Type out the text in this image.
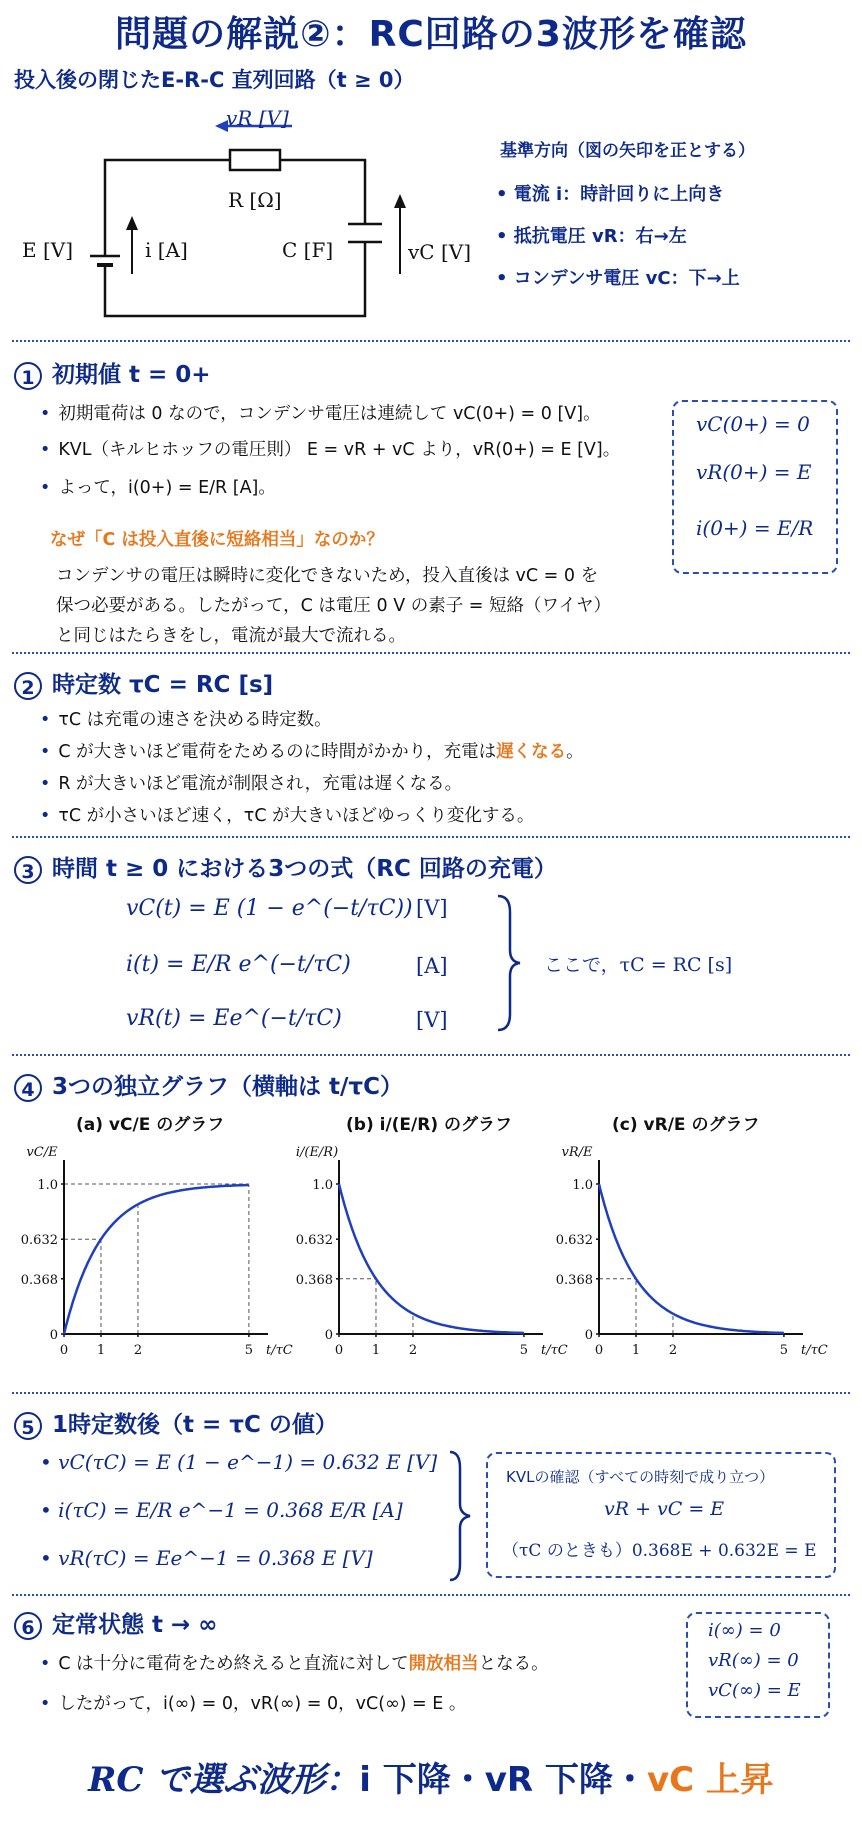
問題の解説②：RC回路の3波形を確認
投入後の閉じたE-R-C 直列回路（t ≥ 0）
vR [V]
R [Ω]
E [V]	i [A]	C [F]	vC [V]
基準方向（図の矢印を正とする）
• 電流 i：時計回りに上向き
• 抵抗電圧 vR：右→左
• コンデンサ電圧 vC：下→上
1 初期値 t = 0+
• 初期電荷は 0 なので，コンデンサ電圧は連続して vC(0+) = 0 [V]。
• KVL（キルヒホッフの電圧則） E = vR + vC より，vR(0+) = E [V]。
• よって，i(0+) = E/R [A]。
なぜ「C は投入直後に短絡相当」なのか？
コンデンサの電圧は瞬時に変化できないため，投入直後は vC = 0 を
保つ必要がある。したがって，C は電圧 0 V の素子 = 短絡（ワイヤ）
と同じはたらきをし，電流が最大で流れる。
vC(0+) = 0
vR(0+) = E
i(0+) = E/R
2 時定数 τC = RC [s]
• τC は充電の速さを決める時定数。
• C が大きいほど電荷をためるのに時間がかかり，充電は遅くなる。
• R が大きいほど電流が制限され，充電は遅くなる。
• τC が小さいほど速く，τC が大きいほどゆっくり変化する。
3 時間 t ≥ 0 における3つの式（RC 回路の充電）
vC(t) = E (1 − e^(−t/τC))
i(t) = E/R e^(−t/τC)
vR(t) = Ee^(−t/τC)
[V]
[A]
[V]
ここで，τC = RC [s]
4 3つの独立グラフ（横軸は t/τC）
(a) vC/E のグラフ	(b) i/(E/R) のグラフ	(c) vR/E のグラフ
0
0.368
0.632
1.0
0 1 2	5 t/τC
vC/E
0
0.368
0.632
1.0
0 1 2	5 t/τC
i/(E/R)
0
0.368
0.632
1.0
0 1 2	5 t/τC
vR/E
5 1時定数後（t = τC の値）
• vC(τC) = E (1 − e^−1) = 0.632 E [V]
• i(τC) = E/R e^−1 = 0.368 E/R [A]
• vR(τC) = Ee^−1 = 0.368 E [V]
KVLの確認（すべての時刻で成り立つ）
vR + vC = E
（τC のときも）0.368E + 0.632E = E
6 定常状態 t → ∞
• C は十分に電荷をため終えると直流に対して開放相当となる。
• したがって，i(∞) = 0，vR(∞) = 0，vC(∞) = E 。
i(∞) = 0
vR(∞) = 0
vC(∞) = E
RC で選ぶ波形：i 下降・vR 下降・vC 上昇
